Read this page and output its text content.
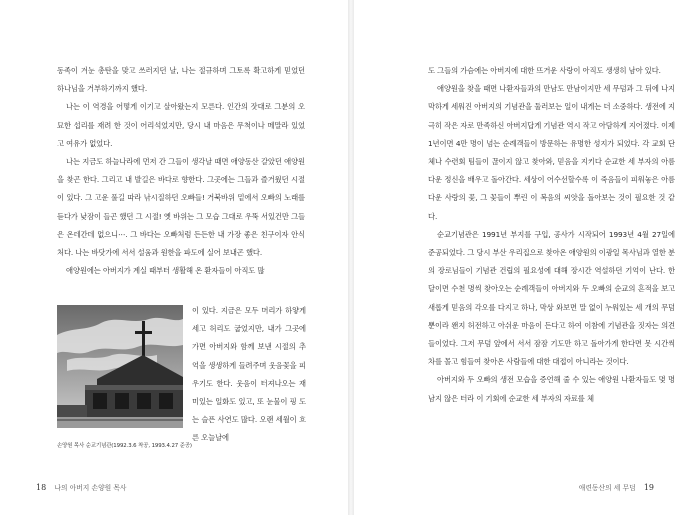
동족이 겨눈 총탄을 맞고 쓰러지던 날, 나는 절규하며 그토록 확고하게 믿었던 하나님을 거부하기까지 했다.

나는 이 역경을 어떻게 이기고 살아왔는지 모른다. 인간의 잣대로 그분의 오묘한 섭리를 재려 한 것이 어리석었지만, 당시 내 마음은 무척이나 메말라 있었고 여유가 없었다.

나는 지금도 하늘나라에 먼저 간 그들이 생각날 때면 애양동산 갈았던 애양원을 찾곤 한다. 그리고 내 발길은 바다로 향한다. 그곳에는 그들과 즐거웠던 시절이 있다. 그 고운 풀길 따라 낚시질하던 오빠들! 거북바위 밑에서 오빠의 노래를 듣다가 낮잠이 들곤 했던 그 시절! 옛 바위는 그 모습 그대로 우뚝 서있건만 그들은 온데간데 없으니⋯. 그 바다는 오빠처럼 든든한 내 가장 좋은 친구이자 안식처다. 나는 바닷가에 서서 설움과 원한을 파도에 실어 보내곤 했다.

애양원에는 아버지가 계실 때부터 생활해 온 환자들이 아직도 많

손양원 목사 순교기념관(1992.3.6 착공, 1993.4.27 준공)

이 있다. 지금은 모두 머리가 하얗게 세고 허리도 굽었지만, 내가 그곳에 가면 아버지와 함께 보낸 시절의 추억을 생생하게 들려주며 웃음꽃을 피우기도 한다. 웃음이 터져나오는 재미있는 일화도 있고, 또 눈물이 핑 도는 슬픈 사연도 많다. 오랜 세월이 흐른 오늘날에

18 나의 아버지 손양원 목사

도 그들의 가슴에는 아버지에 대한 뜨거운 사랑이 아직도 생생히 남아 있다.

애양원을 찾을 때면 나환자들과의 만남도 만남이지만 세 무덤과 그 뒤에 나지막하게 세워진 아버지의 기념관을 둘러보는 일이 내게는 더 소중하다. 생전에 지극히 작은 자로 만족하신 아버지답게 기념관 역시 작고 아담하게 지어졌다. 이제 1년이면 4만 명이 넘는 순례객들이 방문하는 유명한 성지가 되었다. 각 교회 단체나 수련회 팀들이 끊이지 않고 찾아와, 믿음을 지키다 순교한 세 부자의 아름다운 정신을 배우고 돌아간다. 세상이 어수선할수록 이 죽음들이 피워놓은 아름다운 사랑의 꽃, 그 꽃들이 뿌린 이 복음의 씨앗을 돌아보는 것이 필요한 것 같다.

순교기념관은 1991년 부지를 구입, 공사가 시작되어 1993년 4월 27일에 준공되었다. 그 당시 부산 우리집으로 찾아온 애양원의 이광일 목사님과 열한 분의 장로님들이 기념관 건립의 필요성에 대해 장시간 역설하던 기억이 난다. 한 달이면 수천 명씩 찾아오는 순례객들이 아버지와 두 오빠의 순교의 흔적을 보고 새롭게 믿음의 각오를 다지고 하나, 막상 와보면 말 없이 누워있는 세 개의 무덤뿐이라 왠지 허전하고 아쉬운 마음이 든다고 하여 이참에 기념관을 짓자는 의견들이었다. 그저 무덤 앞에서 서서 잠잠 기도만 하고 돌아가게 한다면 못 시간씩 차를 몰고 힘들여 찾아온 사람들에 대한 대접이 아니라는 것이다.

아버지와 두 오빠의 생전 모습을 증언해 줄 수 있는 애양원 나환자들도 몇 명 남지 않은 터라 이 기회에 순교한 세 부자의 자료를 체

애련동산의 세 무덤 19
